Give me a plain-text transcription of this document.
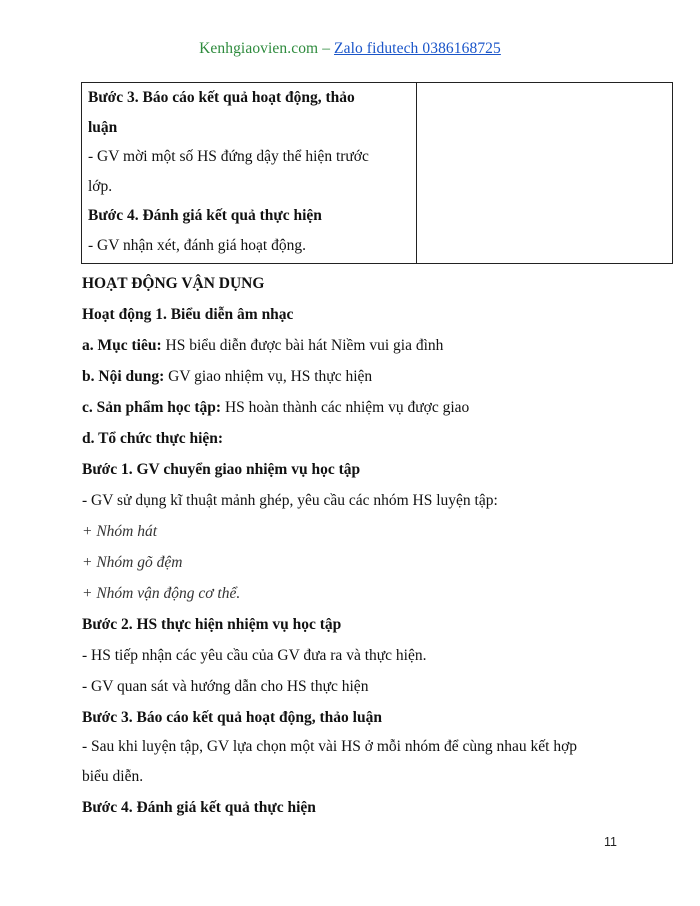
Kenhgiaovien.com – Zalo fidutech 0386168725

Bước 3. Báo cáo kết quả hoạt động, thảo

luận

- GV mời một số HS đứng dậy thể hiện trước

lớp.

Bước 4. Đánh giá kết quả thực hiện

- GV nhận xét, đánh giá hoạt động.

HOẠT ĐỘNG VẬN DỤNG

Hoạt động 1. Biểu diễn âm nhạc

a. Mục tiêu: HS biểu diễn được bài hát Niềm vui gia đình

b. Nội dung: GV giao nhiệm vụ, HS thực hiện

c. Sản phẩm học tập: HS hoàn thành các nhiệm vụ được giao

d. Tổ chức thực hiện:

Bước 1. GV chuyển giao nhiệm vụ học tập

- GV sử dụng kĩ thuật mảnh ghép, yêu cầu các nhóm HS luyện tập:

+ Nhóm hát

+ Nhóm gõ đệm

+ Nhóm vận động cơ thể.

Bước 2. HS thực hiện nhiệm vụ học tập

- HS tiếp nhận các yêu cầu của GV đưa ra và thực hiện.

- GV quan sát và hướng dẫn cho HS thực hiện

Bước 3. Báo cáo kết quả hoạt động, thảo luận

- Sau khi luyện tập, GV lựa chọn một vài HS ở mỗi nhóm để cùng nhau kết hợp

biểu diễn.

Bước 4. Đánh giá kết quả thực hiện

11
